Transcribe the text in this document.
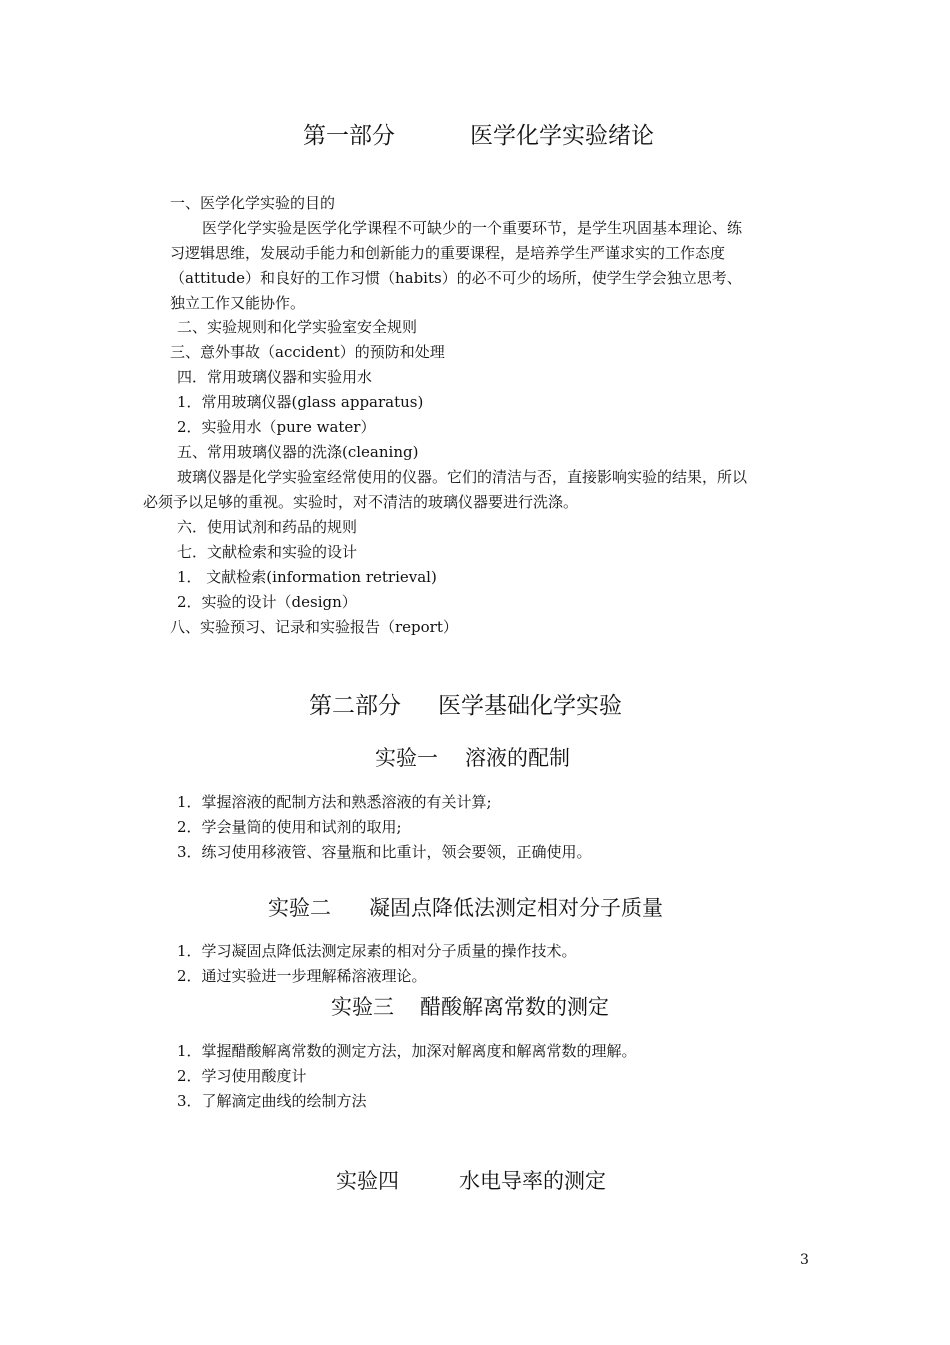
第一部分	医学化学实验绪论
一、医学化学实验的目的
医学化学实验是医学化学课程不可缺少的一个重要环节，是学生巩固基本理论、练
习逻辑思维，发展动手能力和创新能力的重要课程，是培养学生严谨求实的工作态度
（attitude）和良好的工作习惯（habits）的必不可少的场所，使学生学会独立思考、
独立工作又能协作。
二、实验规则和化学实验室安全规则
三、意外事故（accident）的预防和处理
四．常用玻璃仪器和实验用水
1．常用玻璃仪器(glass apparatus)
2．实验用水（pure water）
五、常用玻璃仪器的洗涤(cleaning)
玻璃仪器是化学实验室经常使用的仪器。它们的清洁与否，直接影响实验的结果，所以
必须予以足够的重视。实验时，对不清洁的玻璃仪器要进行洗涤。
六．使用试剂和药品的规则
七．文献检索和实验的设计
1． 文献检索(information retrieval)
2．实验的设计（design）
八、实验预习、记录和实验报告（report）
第二部分 医学基础化学实验
实验一 溶液的配制
1．掌握溶液的配制方法和熟悉溶液的有关计算;
2．学会量筒的使用和试剂的取用;
3．练习使用移液管、容量瓶和比重计，领会要领，正确使用。
实验二 凝固点降低法测定相对分子质量
1．学习凝固点降低法测定尿素的相对分子质量的操作技术。
2．通过实验进一步理解稀溶液理论。
实验三 醋酸解离常数的测定
1．掌握醋酸解离常数的测定方法，加深对解离度和解离常数的理解。
2．学习使用酸度计
3．了解滴定曲线的绘制方法
实验四	水电导率的测定
3
